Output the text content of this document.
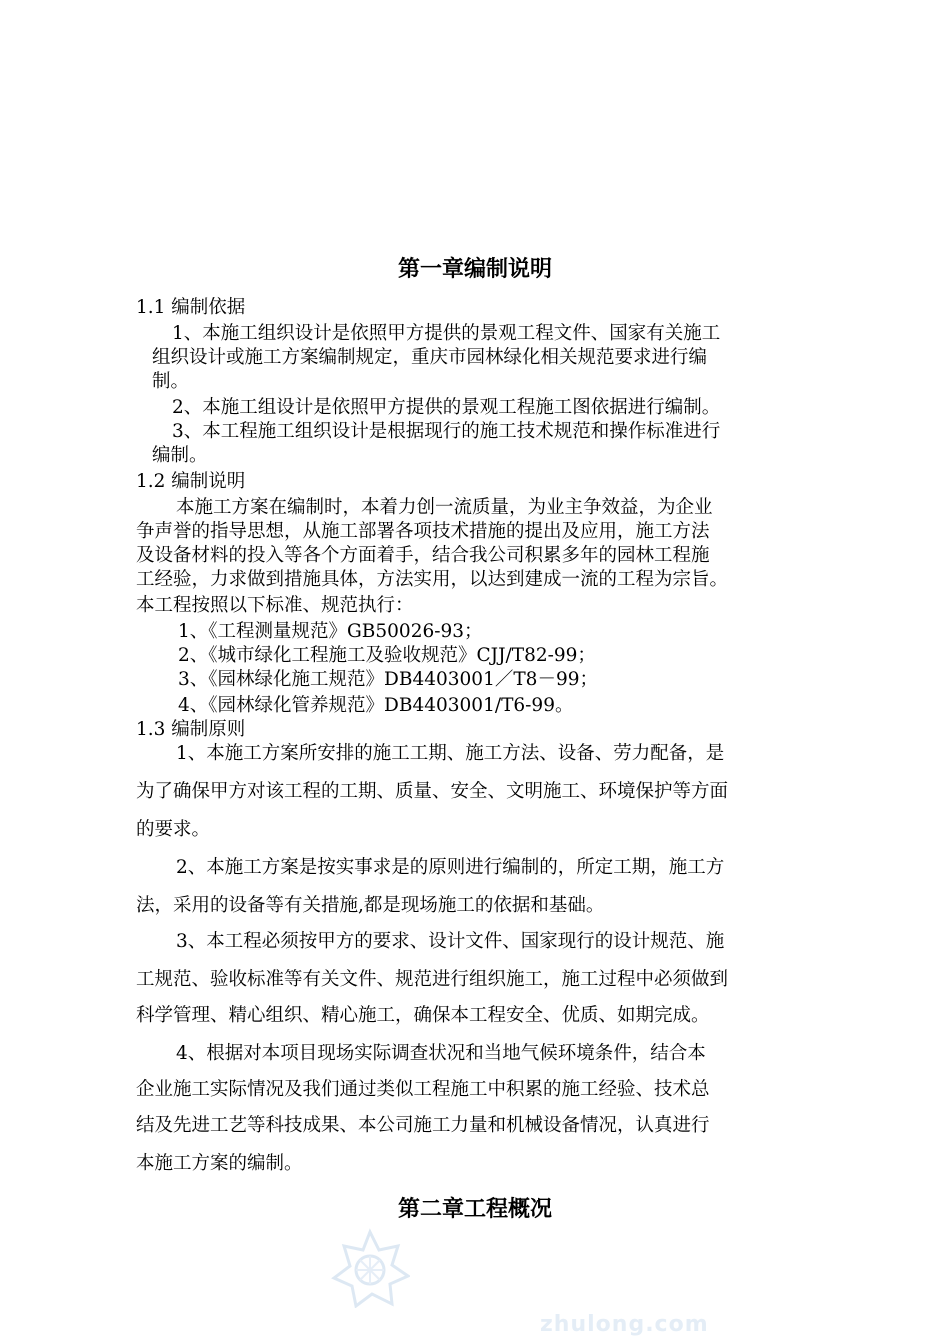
第一章编制说明
1.1 编制依据
1、本施工组织设计是依照甲方提供的景观工程文件、国家有关施工
组织设计或施工方案编制规定，重庆市园林绿化相关规范要求进行编
制。
2、本施工组设计是依照甲方提供的景观工程施工图依据进行编制。
3、本工程施工组织设计是根据现行的施工技术规范和操作标准进行
编制。
1.2 编制说明
本施工方案在编制时，本着力创一流质量，为业主争效益，为企业
争声誉的指导思想，从施工部署各项技术措施的提出及应用，施工方法
及设备材料的投入等各个方面着手，结合我公司积累多年的园林工程施
工经验，力求做到措施具体，方法实用，以达到建成一流的工程为宗旨。
本工程按照以下标准、规范执行：
1、《工程测量规范》GB50026-93；
2、《城市绿化工程施工及验收规范》CJJ/T82-99；
3、《园林绿化施工规范》DB4403001／T8－99；
4、《园林绿化管养规范》DB4403001/T6-99。
1.3 编制原则
1、本施工方案所安排的施工工期、施工方法、设备、劳力配备，是
为了确保甲方对该工程的工期、质量、安全、文明施工、环境保护等方面
的要求。
2、本施工方案是按实事求是的原则进行编制的，所定工期，施工方
法，采用的设备等有关措施,都是现场施工的依据和基础。
3、本工程必须按甲方的要求、设计文件、国家现行的设计规范、施
工规范、验收标准等有关文件、规范进行组织施工，施工过程中必须做到
科学管理、精心组织、精心施工，确保本工程安全、优质、如期完成。
4、根据对本项目现场实际调查状况和当地气候环境条件，结合本
企业施工实际情况及我们通过类似工程施工中积累的施工经验、技术总
结及先进工艺等科技成果、本公司施工力量和机械设备情况，认真进行
本施工方案的编制。
第二章工程概况
zhulong.com
